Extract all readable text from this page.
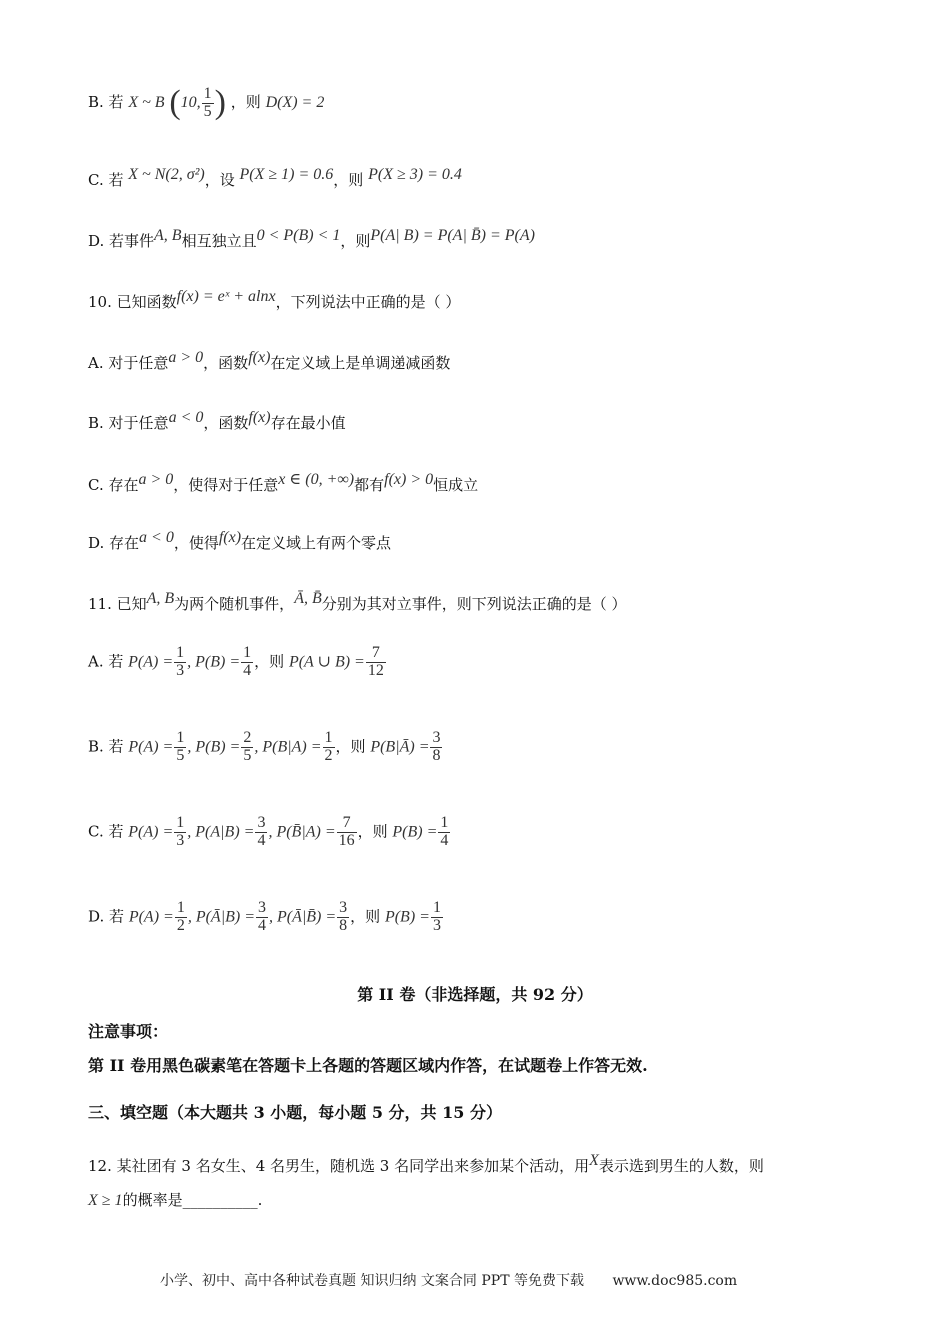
B. 若 X ~ B (10, $\frac{1}{5}$ ) ，则 D(X) = 2
C. 若 X ~ N(2, σ²)，设 P(X ≥ 1) = 0.6，则 P(X ≥ 3) = 0.4
D. 若事件A, B相互独立且0 < P(B) < 1，则P(A| B) = P(A| B̄) = P(A)
10. 已知函数f(x) = eˣ + alnx，下列说法中正确的是（ ）
A. 对于任意a > 0，函数f(x)在定义域上是单调递减函数
B. 对于任意a < 0，函数f(x)存在最小值
C. 存在a > 0，使得对于任意x ∈ (0, +∞)都有f(x) > 0恒成立
D. 存在a < 0，使得f(x)在定义域上有两个零点
11. 已知A, B为两个随机事件，Ā, B̄分别为其对立事件，则下列说法正确的是（ ）
A. 若 $P(A) = \frac{1}{3}$ , $P(B) = \frac{1}{4}$ ，则 P(A ∪ $B) = \frac{7}{12}$
B. 若 $P(A) = \frac{1}{5}$ , $P(B) = \frac{2}{5}$ , $P(B|A) = \frac{1}{2}$ ，则 P(B|Ā) = $\frac{3}{8}$
C. 若 $P(A) = \frac{1}{3}$ , $P(A|B) = \frac{3}{4}$ , P(B̄|A) = $\frac{7}{16}$ ，则 $P(B) = \frac{1}{4}$
D. 若 $P(A) = \frac{1}{2}$ , P(Ā|B) = $\frac{3}{4}$ , P(Ā|B̄) = $\frac{3}{8}$ ，则 $P(B) = \frac{1}{3}$
第 II 卷（非选择题，共 92 分）
注意事项：
第 II 卷用黑色碳素笔在答题卡上各题的答题区域内作答，在试题卷上作答无效.
三、填空题（本大题共 3 小题，每小题 5 分，共 15 分）
12. 某社团有 3 名女生、4 名男生，随机选 3 名同学出来参加某个活动，用X表示选到男生的人数，则
X ≥ 1的概率是__________.
小学、初中、高中各种试卷真题 知识归纳 文案合同 PPT 等免费下载 www.doc985.com
